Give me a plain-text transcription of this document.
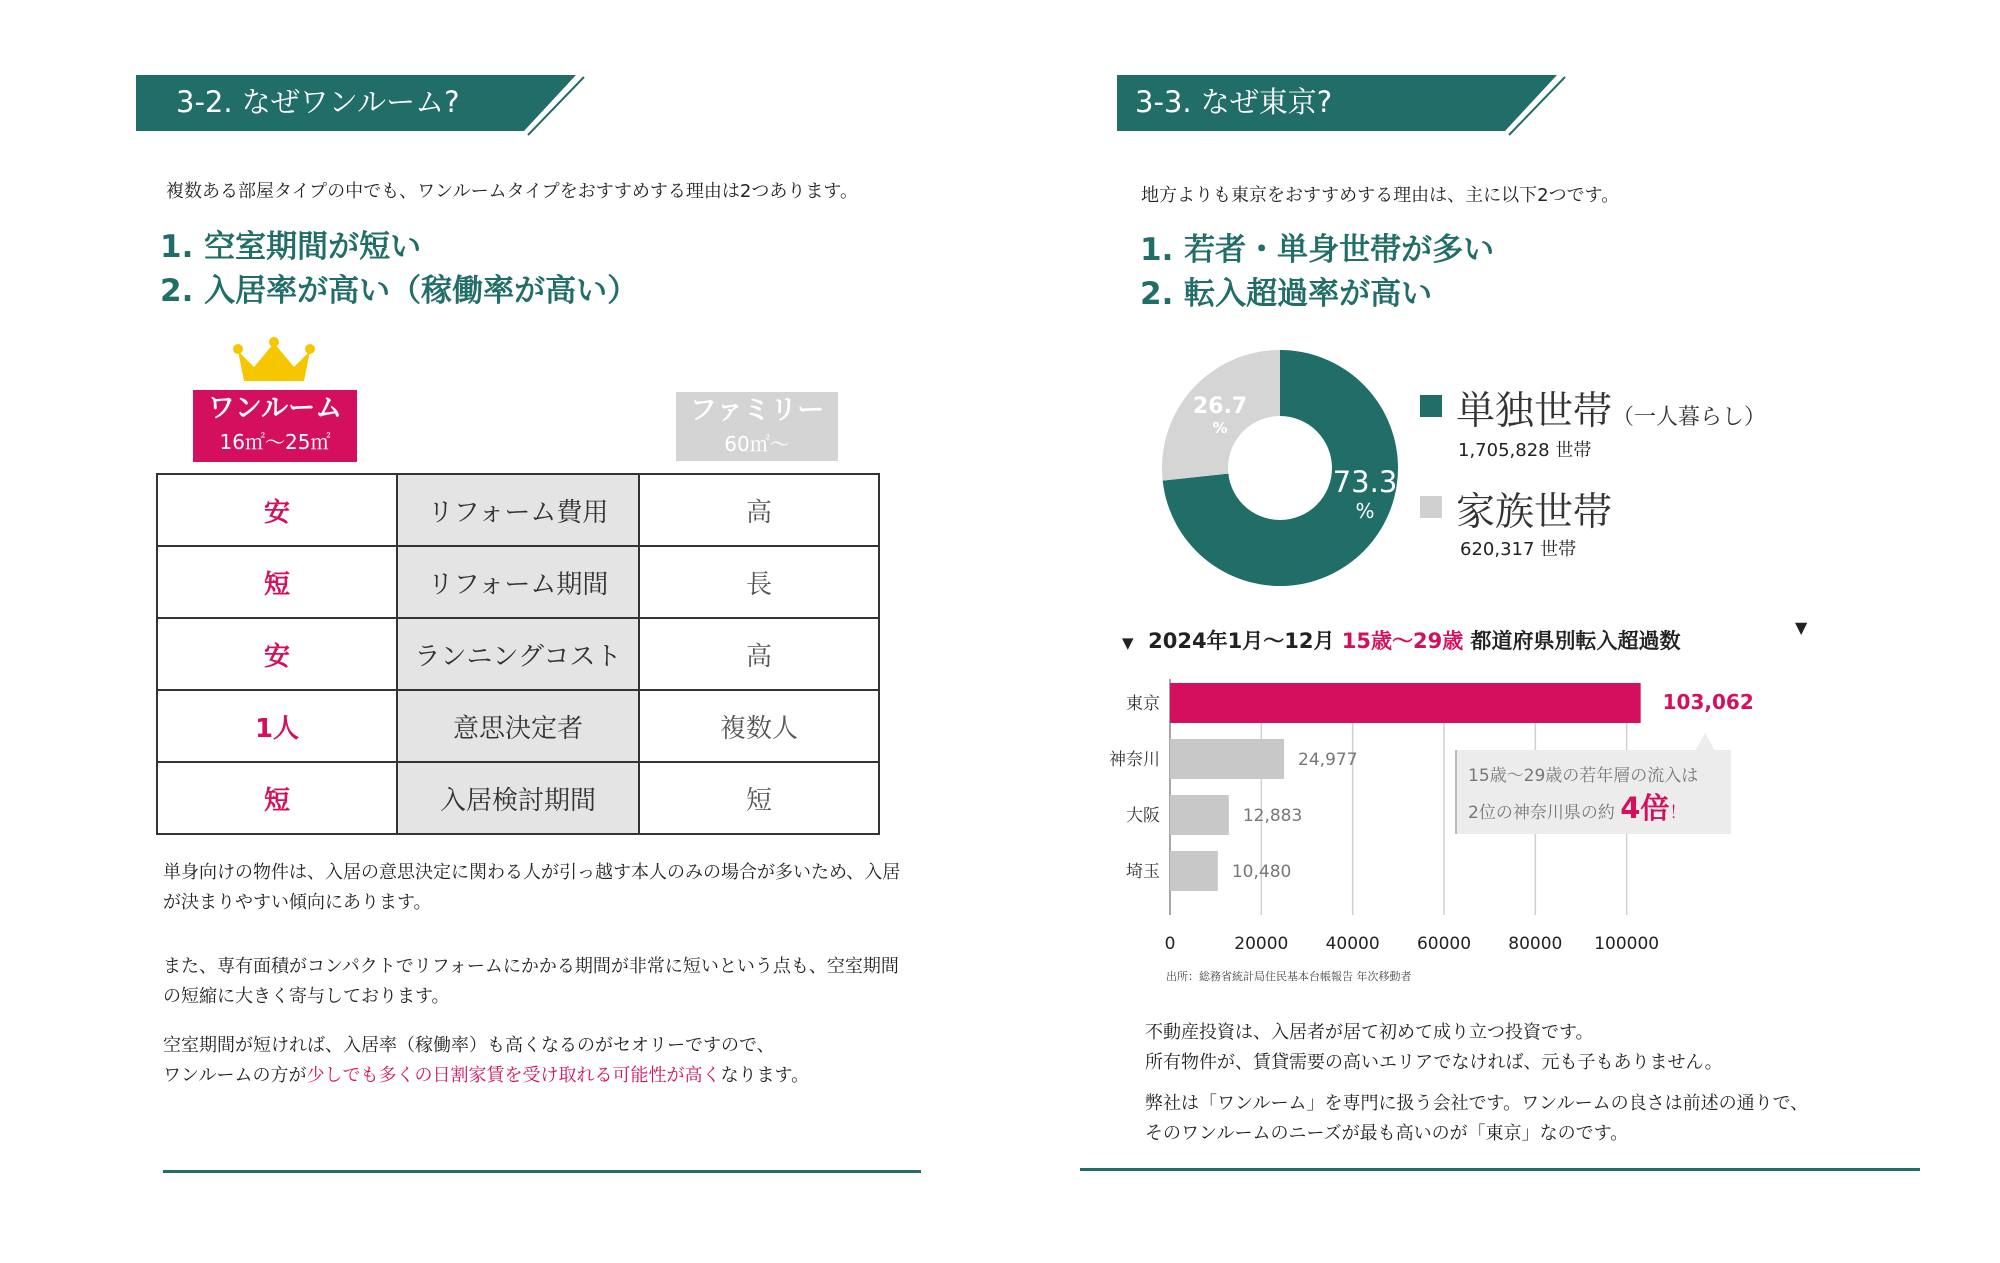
3-2. なぜワンルーム?
複数ある部屋タイプの中でも、ワンルームタイプをおすすめする理由は2つあります。
1. 空室期間が短い
2. 入居率が高い（稼働率が高い）
ワンルーム
16㎡～25㎡
ファミリー
60㎡～
安	リフォーム費用	高
短	リフォーム期間	長
安	ランニングコスト	高
1人	意思決定者	複数人
短	入居検討期間	短
単身向けの物件は、入居の意思決定に関わる人が引っ越す本人のみの場合が多いため、入居が決まりやすい傾向にあります。
また、専有面積がコンパクトでリフォームにかかる期間が非常に短いという点も、空室期間の短縮に大きく寄与しております。
空室期間が短ければ、入居率（稼働率）も高くなるのがセオリーですので、
ワンルームの方が少しでも多くの日割家賃を受け取れる可能性が高くなります。
3-3. なぜ東京?
地方よりも東京をおすすめする理由は、主に以下2つです。
1. 若者・単身世帯が多い
2. 転入超過率が高い
73.3
%
26.7
%	単独世帯（一人暮らし）
1,705,828 世帯
家族世帯
620,317 世帯
▼ 2024年1月～12月 15歳～29歳 都道府県別転入超過数
▼
東京	103,062
神奈川	24,977
大阪	12,883
埼玉	10,480
0	20000 40000 60000 80000 100000
15歳～29歳の若年層の流入は
2位の神奈川県の約 4倍！
出所：総務省統計局住民基本台帳報告 年次移動者
不動産投資は、入居者が居て初めて成り立つ投資です。
所有物件が、賃貸需要の高いエリアでなければ、元も子もありません。
弊社は「ワンルーム」を専門に扱う会社です。ワンルームの良さは前述の通りで、
そのワンルームのニーズが最も高いのが「東京」なのです。
